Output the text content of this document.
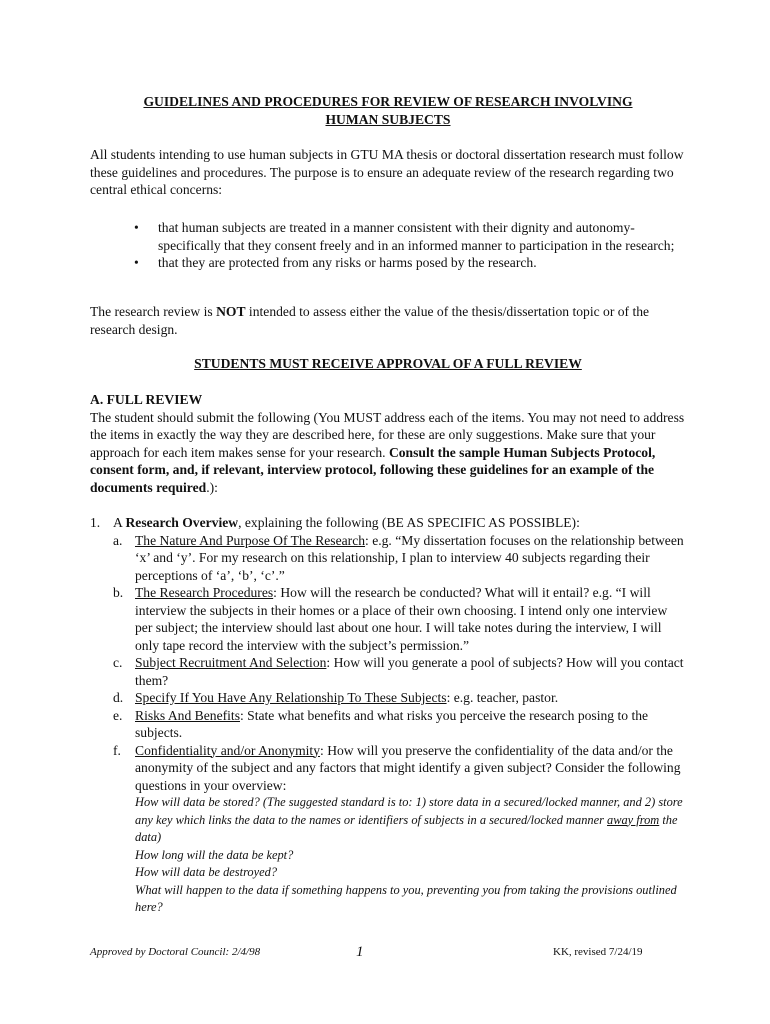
GUIDELINES AND PROCEDURES FOR REVIEW OF RESEARCH INVOLVING
HUMAN SUBJECTS
All students intending to use human subjects in GTU MA thesis or doctoral dissertation research must follow these guidelines and procedures. The purpose is to ensure an adequate review of the research regarding two central ethical concerns:
• that human subjects are treated in a manner consistent with their dignity and autonomy-specifically that they consent freely and in an informed manner to participation in the research;
• that they are protected from any risks or harms posed by the research.
The research review is NOT intended to assess either the value of the thesis/dissertation topic or of the research design.
STUDENTS MUST RECEIVE APPROVAL OF A FULL REVIEW
A. FULL REVIEW
The student should submit the following (You MUST address each of the items. You may not need to address the items in exactly the way they are described here, for these are only suggestions. Make sure that your approach for each item makes sense for your research. Consult the sample Human Subjects Protocol, consent form, and, if relevant, interview protocol, following these guidelines for an example of the documents required.):
1. A Research Overview, explaining the following (BE AS SPECIFIC AS POSSIBLE):
a. The Nature And Purpose Of The Research: e.g. “My dissertation focuses on the relationship between ‘x’ and ‘y’. For my research on this relationship, I plan to interview 40 subjects regarding their perceptions of ‘a’, ‘b’, ‘c’.”
b. The Research Procedures: How will the research be conducted? What will it entail? e.g. “I will interview the subjects in their homes or a place of their own choosing. I intend only one interview per subject; the interview should last about one hour. I will take notes during the interview, I will only tape record the interview with the subject’s permission.”
c. Subject Recruitment And Selection: How will you generate a pool of subjects? How will you contact them?
d. Specify If You Have Any Relationship To These Subjects: e.g. teacher, pastor.
e. Risks And Benefits: State what benefits and what risks you perceive the research posing to the subjects.
f. Confidentiality and/or Anonymity: How will you preserve the confidentiality of the data and/or the anonymity of the subject and any factors that might identify a given subject? Consider the following questions in your overview:
How will data be stored? (The suggested standard is to: 1) store data in a secured/locked manner, and 2) store any key which links the data to the names or identifiers of subjects in a secured/locked manner away from the data)
How long will the data be kept?
How will data be destroyed?
What will happen to the data if something happens to you, preventing you from taking the provisions outlined here?
Approved by Doctoral Council: 2/4/98	1	KK, revised 7/24/19
